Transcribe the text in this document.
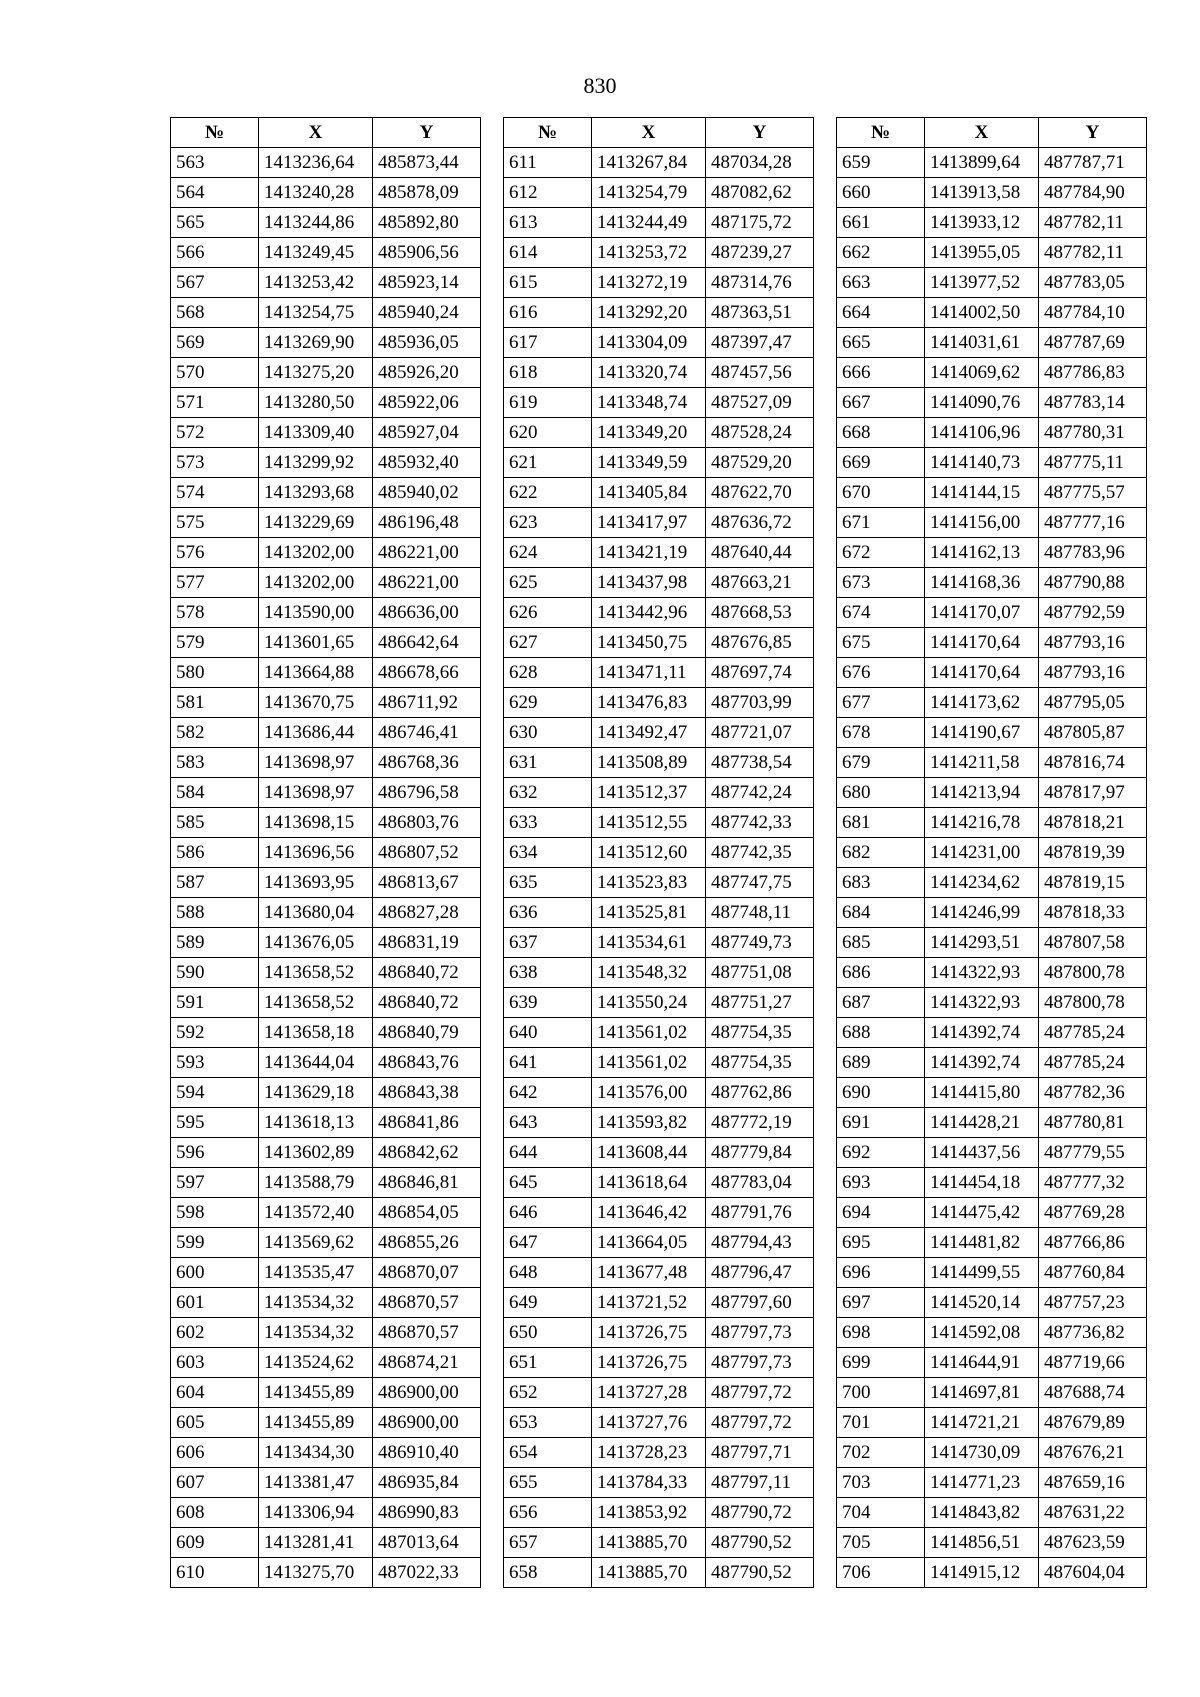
830
№	X	Y
563	1413236,64	485873,44
564	1413240,28	485878,09
565	1413244,86	485892,80
566	1413249,45	485906,56
567	1413253,42	485923,14
568	1413254,75	485940,24
569	1413269,90	485936,05
570	1413275,20	485926,20
571	1413280,50	485922,06
572	1413309,40	485927,04
573	1413299,92	485932,40
574	1413293,68	485940,02
575	1413229,69	486196,48
576	1413202,00	486221,00
577	1413202,00	486221,00
578	1413590,00	486636,00
579	1413601,65	486642,64
580	1413664,88	486678,66
581	1413670,75	486711,92
582	1413686,44	486746,41
583	1413698,97	486768,36
584	1413698,97	486796,58
585	1413698,15	486803,76
586	1413696,56	486807,52
587	1413693,95	486813,67
588	1413680,04	486827,28
589	1413676,05	486831,19
590	1413658,52	486840,72
591	1413658,52	486840,72
592	1413658,18	486840,79
593	1413644,04	486843,76
594	1413629,18	486843,38
595	1413618,13	486841,86
596	1413602,89	486842,62
597	1413588,79	486846,81
598	1413572,40	486854,05
599	1413569,62	486855,26
600	1413535,47	486870,07
601	1413534,32	486870,57
602	1413534,32	486870,57
603	1413524,62	486874,21
604	1413455,89	486900,00
605	1413455,89	486900,00
606	1413434,30	486910,40
607	1413381,47	486935,84
608	1413306,94	486990,83
609	1413281,41	487013,64
610	1413275,70	487022,33
№	X	Y
611	1413267,84	487034,28
612	1413254,79	487082,62
613	1413244,49	487175,72
614	1413253,72	487239,27
615	1413272,19	487314,76
616	1413292,20	487363,51
617	1413304,09	487397,47
618	1413320,74	487457,56
619	1413348,74	487527,09
620	1413349,20	487528,24
621	1413349,59	487529,20
622	1413405,84	487622,70
623	1413417,97	487636,72
624	1413421,19	487640,44
625	1413437,98	487663,21
626	1413442,96	487668,53
627	1413450,75	487676,85
628	1413471,11	487697,74
629	1413476,83	487703,99
630	1413492,47	487721,07
631	1413508,89	487738,54
632	1413512,37	487742,24
633	1413512,55	487742,33
634	1413512,60	487742,35
635	1413523,83	487747,75
636	1413525,81	487748,11
637	1413534,61	487749,73
638	1413548,32	487751,08
639	1413550,24	487751,27
640	1413561,02	487754,35
641	1413561,02	487754,35
642	1413576,00	487762,86
643	1413593,82	487772,19
644	1413608,44	487779,84
645	1413618,64	487783,04
646	1413646,42	487791,76
647	1413664,05	487794,43
648	1413677,48	487796,47
649	1413721,52	487797,60
650	1413726,75	487797,73
651	1413726,75	487797,73
652	1413727,28	487797,72
653	1413727,76	487797,72
654	1413728,23	487797,71
655	1413784,33	487797,11
656	1413853,92	487790,72
657	1413885,70	487790,52
658	1413885,70	487790,52
№	X	Y
659	1413899,64	487787,71
660	1413913,58	487784,90
661	1413933,12	487782,11
662	1413955,05	487782,11
663	1413977,52	487783,05
664	1414002,50	487784,10
665	1414031,61	487787,69
666	1414069,62	487786,83
667	1414090,76	487783,14
668	1414106,96	487780,31
669	1414140,73	487775,11
670	1414144,15	487775,57
671	1414156,00	487777,16
672	1414162,13	487783,96
673	1414168,36	487790,88
674	1414170,07	487792,59
675	1414170,64	487793,16
676	1414170,64	487793,16
677	1414173,62	487795,05
678	1414190,67	487805,87
679	1414211,58	487816,74
680	1414213,94	487817,97
681	1414216,78	487818,21
682	1414231,00	487819,39
683	1414234,62	487819,15
684	1414246,99	487818,33
685	1414293,51	487807,58
686	1414322,93	487800,78
687	1414322,93	487800,78
688	1414392,74	487785,24
689	1414392,74	487785,24
690	1414415,80	487782,36
691	1414428,21	487780,81
692	1414437,56	487779,55
693	1414454,18	487777,32
694	1414475,42	487769,28
695	1414481,82	487766,86
696	1414499,55	487760,84
697	1414520,14	487757,23
698	1414592,08	487736,82
699	1414644,91	487719,66
700	1414697,81	487688,74
701	1414721,21	487679,89
702	1414730,09	487676,21
703	1414771,23	487659,16
704	1414843,82	487631,22
705	1414856,51	487623,59
706	1414915,12	487604,04
